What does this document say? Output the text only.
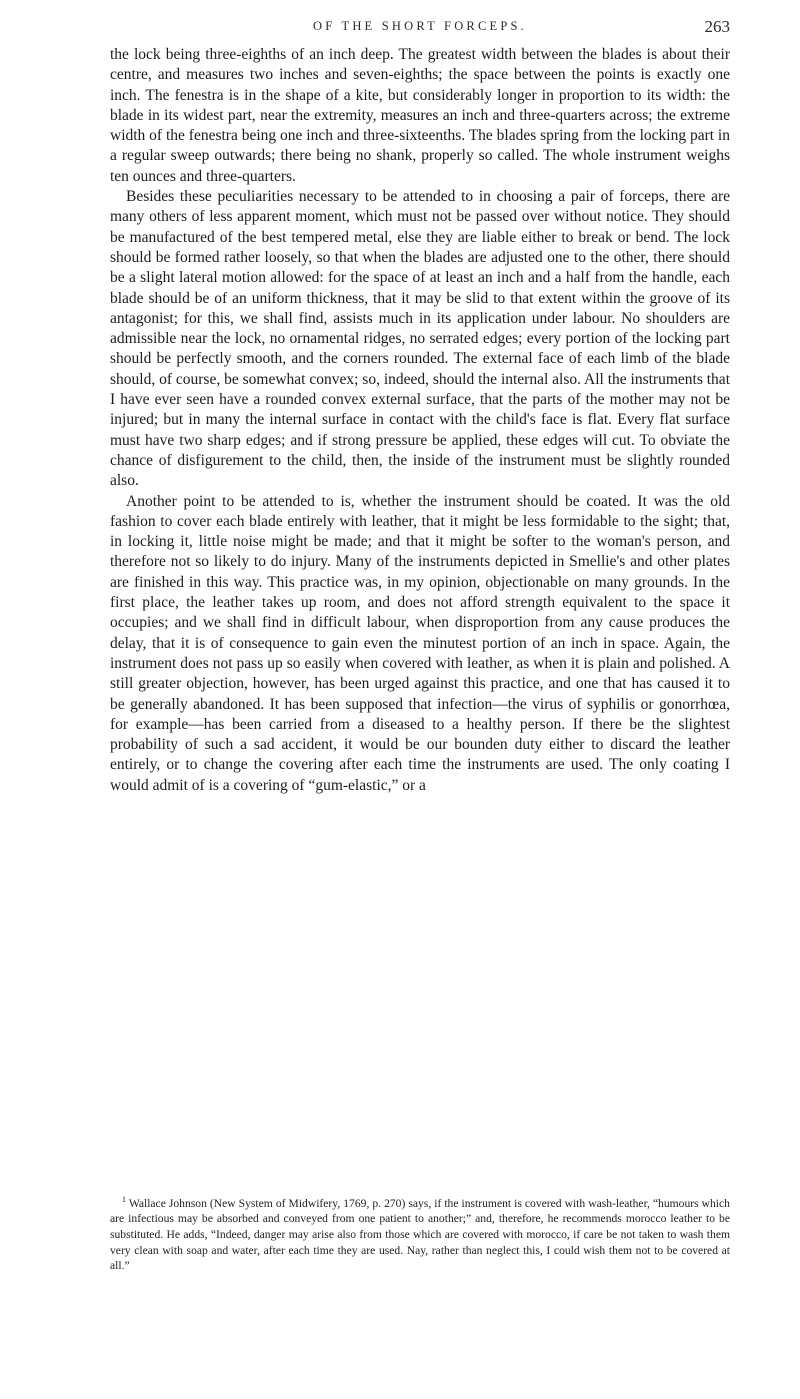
OF THE SHORT FORCEPS.	263

the lock being three-eighths of an inch deep. The greatest width between the blades is about their centre, and measures two inches and seven-eighths; the space between the points is exactly one inch. The fenestra is in the shape of a kite, but considerably longer in proportion to its width: the blade in its widest part, near the extremity, measures an inch and three-quarters across; the extreme width of the fenestra being one inch and three-sixteenths. The blades spring from the locking part in a regular sweep outwards; there being no shank, properly so called. The whole instrument weighs ten ounces and three-quarters.

Besides these peculiarities necessary to be attended to in choosing a pair of forceps, there are many others of less apparent moment, which must not be passed over without notice. They should be manufactured of the best tempered metal, else they are liable either to break or bend. The lock should be formed rather loosely, so that when the blades are adjusted one to the other, there should be a slight lateral motion allowed: for the space of at least an inch and a half from the handle, each blade should be of an uniform thickness, that it may be slid to that extent within the groove of its antagonist; for this, we shall find, assists much in its application under labour. No shoulders are admissible near the lock, no ornamental ridges, no serrated edges; every portion of the locking part should be perfectly smooth, and the corners rounded. The external face of each limb of the blade should, of course, be somewhat convex; so, indeed, should the internal also. All the instruments that I have ever seen have a rounded convex external surface, that the parts of the mother may not be injured; but in many the internal surface in contact with the child's face is flat. Every flat surface must have two sharp edges; and if strong pressure be applied, these edges will cut. To obviate the chance of disfigurement to the child, then, the inside of the instrument must be slightly rounded also.

Another point to be attended to is, whether the instrument should be coated. It was the old fashion to cover each blade entirely with leather, that it might be less formidable to the sight; that, in locking it, little noise might be made; and that it might be softer to the woman's person, and therefore not so likely to do injury. Many of the instruments depicted in Smellie's and other plates are finished in this way. This practice was, in my opinion, objectionable on many grounds. In the first place, the leather takes up room, and does not afford strength equivalent to the space it occupies; and we shall find in difficult labour, when disproportion from any cause produces the delay, that it is of consequence to gain even the minutest portion of an inch in space. Again, the instrument does not pass up so easily when covered with leather, as when it is plain and polished. A still greater objection, however, has been urged against this practice, and one that has caused it to be generally abandoned. It has been supposed that infection—the virus of syphilis or gonorrhœa, for example—has been carried from a diseased to a healthy person. If there be the slightest probability of such a sad accident, it would be our bounden duty either to discard the leather entirely, or to change the covering after each time the instruments are used. The only coating I would admit of is a covering of “gum-elastic,” or a

$^1$ Wallace Johnson (New System of Midwifery, 1769, p. 270) says, if the instrument is covered with wash-leather, “humours which are infectious may be absorbed and conveyed from one patient to another;” and, therefore, he recommends morocco leather to be substituted. He adds, “Indeed, danger may arise also from those which are covered with morocco, if care be not taken to wash them very clean with soap and water, after each time they are used. Nay, rather than neglect this, I could wish them not to be covered at all.”
